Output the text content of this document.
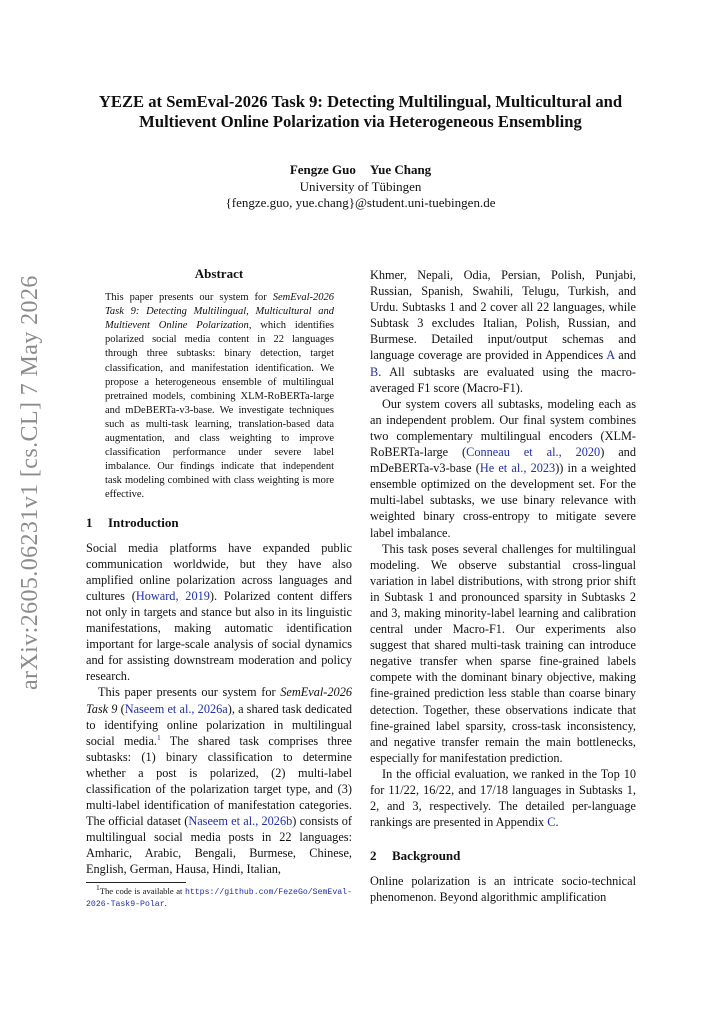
YEZE at SemEval-2026 Task 9: Detecting Multilingual, Multicultural and Multievent Online Polarization via Heterogeneous Ensembling
Fengze Guo Yue Chang
University of Tübingen
{fengze.guo, yue.chang}@student.uni-tuebingen.de
arXiv:2605.06231v1 [cs.CL] 7 May 2026
Abstract

This paper presents our system for SemEval-2026 Task 9: Detecting Multilingual, Multicultural and Multievent Online Polarization, which identifies polarized social media content in 22 languages through three subtasks: binary detection, target classification, and manifestation identification. We propose a heterogeneous ensemble of multilingual pretrained models, combining XLM-RoBERTa-large and mDeBERTa-v3-base. We investigate techniques such as multi-task learning, translation-based data augmentation, and class weighting to improve classification performance under severe label imbalance. Our findings indicate that independent task modeling combined with class weighting is more effective.

1	Introduction

Social media platforms have expanded public communication worldwide, but they have also amplified online polarization across languages and cultures (Howard, 2019). Polarized content differs not only in targets and stance but also in its linguistic manifestations, making automatic identification important for large-scale analysis of social dynamics and for assisting downstream moderation and policy research.

This paper presents our system for SemEval-2026 Task 9 (Naseem et al., 2026a), a shared task dedicated to identifying online polarization in multilingual social media.$^1$ The shared task comprises three subtasks: (1) binary classification to determine whether a post is polarized, (2) multi-label classification of the polarization target type, and (3) multi-label identification of manifestation categories. The official dataset (Naseem et al., 2026b) consists of multilingual social media posts in 22 languages: Amharic, Arabic, Bengali, Burmese, Chinese, English, German, Hausa, Hindi, Italian,

$^1$The code is available at https://github.com/FezeGo/SemEval-2026-Task9-Polar.

Khmer, Nepali, Odia, Persian, Polish, Punjabi, Russian, Spanish, Swahili, Telugu, Turkish, and Urdu. Subtasks 1 and 2 cover all 22 languages, while Subtask 3 excludes Italian, Polish, Russian, and Burmese. Detailed input/output schemas and language coverage are provided in Appendices A and B. All subtasks are evaluated using the macro-averaged F1 score (Macro-F1).

Our system covers all subtasks, modeling each as an independent problem. Our final system combines two complementary multilingual encoders (XLM-RoBERTa-large (Conneau et al., 2020) and mDeBERTa-v3-base (He et al., 2023)) in a weighted ensemble optimized on the development set. For the multi-label subtasks, we use binary relevance with weighted binary cross-entropy to mitigate severe label imbalance.

This task poses several challenges for multilingual modeling. We observe substantial cross-lingual variation in label distributions, with strong prior shift in Subtask 1 and pronounced sparsity in Subtasks 2 and 3, making minority-label learning and calibration central under Macro-F1. Our experiments also suggest that shared multi-task training can introduce negative transfer when sparse fine-grained labels compete with the dominant binary objective, making fine-grained prediction less stable than coarse binary detection. Together, these observations indicate that fine-grained label sparsity, cross-task inconsistency, and negative transfer remain the main bottlenecks, especially for manifestation prediction.

In the official evaluation, we ranked in the Top 10 for 11/22, 16/22, and 17/18 languages in Subtasks 1, 2, and 3, respectively. The detailed per-language rankings are presented in Appendix C.

2	Background

Online polarization is an intricate socio-technical phenomenon. Beyond algorithmic amplification
